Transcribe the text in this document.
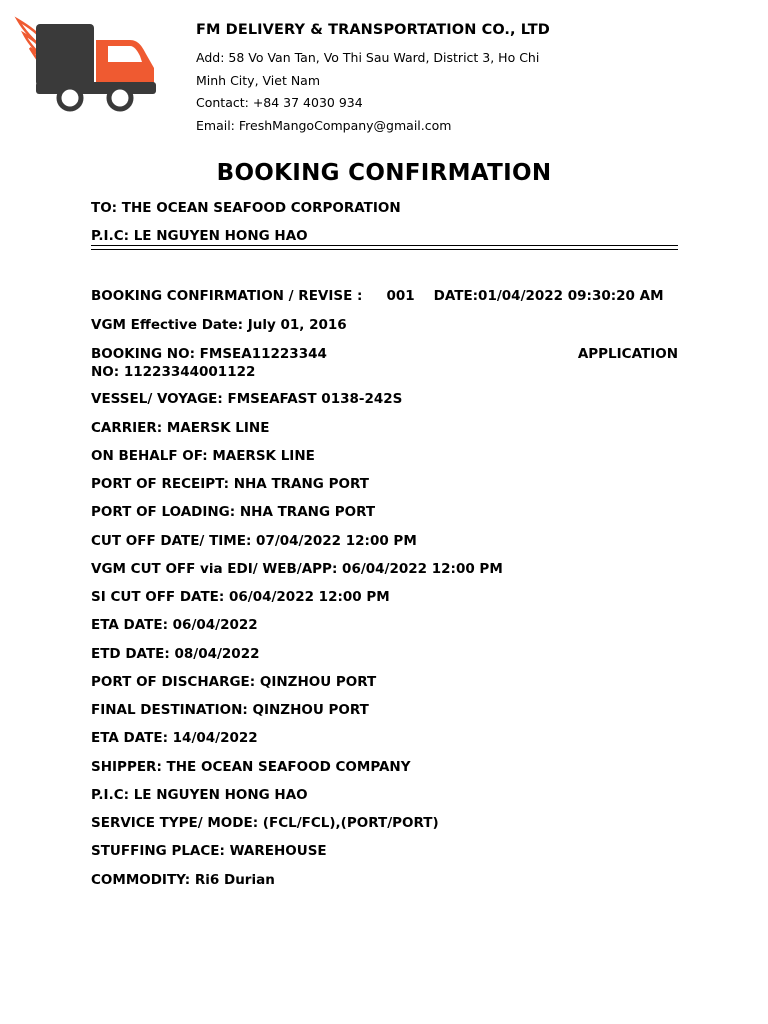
FM DELIVERY & TRANSPORTATION CO., LTD
Add: 58 Vo Van Tan, Vo Thi Sau Ward, District 3, Ho Chi
Minh City, Viet Nam
Contact: +84 37 4030 934
Email: FreshMangoCompany@gmail.com
BOOKING CONFIRMATION
TO: THE OCEAN SEAFOOD CORPORATION
P.I.C: LE NGUYEN HONG HAO
BOOKING CONFIRMATION / REVISE : 001 DATE:01/04/2022 09:30:20 AM
VGM Effective Date: July 01, 2016
BOOKING NO: FMSEA11223344	APPLICATION
NO: 11223344001122
VESSEL/ VOYAGE: FMSEAFAST 0138-242S
CARRIER: MAERSK LINE
ON BEHALF OF: MAERSK LINE
PORT OF RECEIPT: NHA TRANG PORT
PORT OF LOADING: NHA TRANG PORT
CUT OFF DATE/ TIME: 07/04/2022 12:00 PM
VGM CUT OFF via EDI/ WEB/APP: 06/04/2022 12:00 PM
SI CUT OFF DATE: 06/04/2022 12:00 PM
ETA DATE: 06/04/2022
ETD DATE: 08/04/2022
PORT OF DISCHARGE: QINZHOU PORT
FINAL DESTINATION: QINZHOU PORT
ETA DATE: 14/04/2022
SHIPPER: THE OCEAN SEAFOOD COMPANY
P.I.C: LE NGUYEN HONG HAO
SERVICE TYPE/ MODE: (FCL/FCL),(PORT/PORT)
STUFFING PLACE: WAREHOUSE
COMMODITY: Ri6 Durian
